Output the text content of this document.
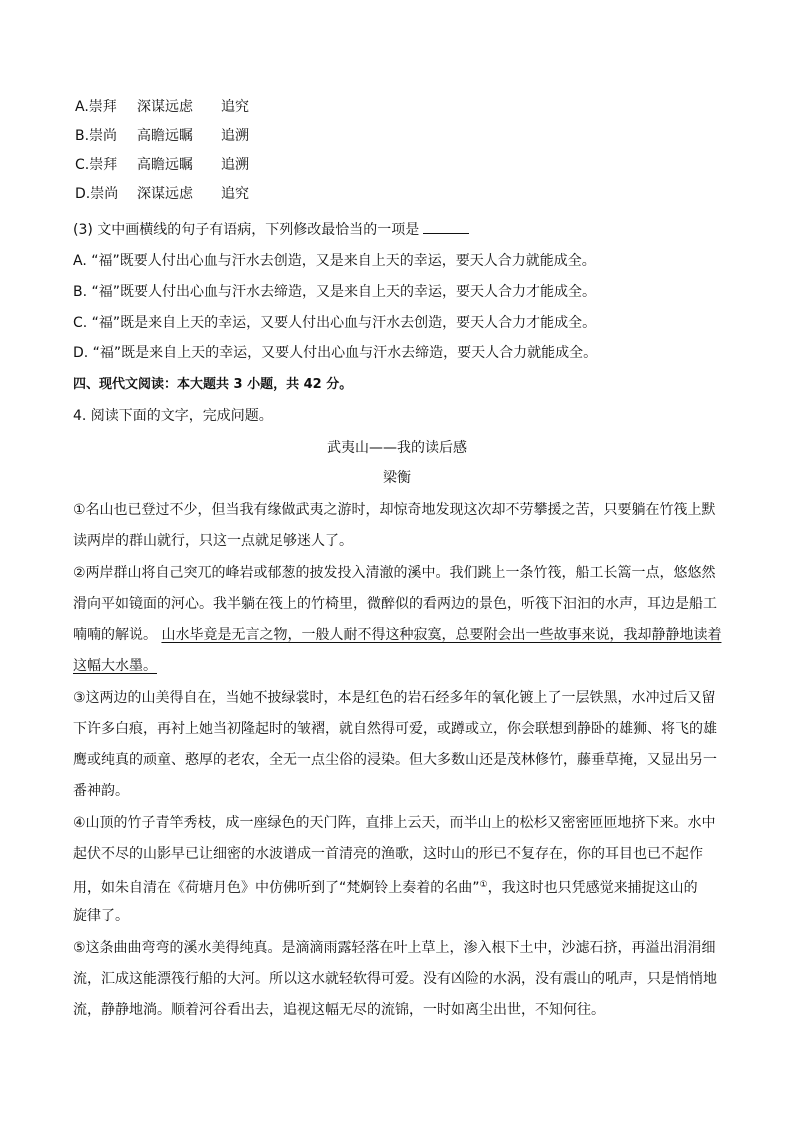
A.崇拜 深谋远虑 追究
B.崇尚 高瞻远瞩 追溯
C.崇拜 高瞻远瞩 追溯
D.崇尚 深谋远虑 追究
(3) 文中画横线的句子有语病，下列修改最恰当的一项是
A. “福”既要人付出心血与汗水去创造，又是来自上天的幸运，要天人合力就能成全。
B. “福”既要人付出心血与汗水去缔造，又是来自上天的幸运，要天人合力才能成全。
C. “福”既是来自上天的幸运，又要人付出心血与汗水去创造，要天人合力才能成全。
D. “福”既是来自上天的幸运，又要人付出心血与汗水去缔造，要天人合力就能成全。
四、现代文阅读：本大题共 3 小题，共 42 分。
4. 阅读下面的文字，完成问题。
武夷山——我的读后感
梁衡
①名山也已登过不少，但当我有缘做武夷之游时，却惊奇地发现这次却不劳攀援之苦，只要躺在竹筏上默
读两岸的群山就行，只这一点就足够迷人了。
②两岸群山将自己突兀的峰岩或郁葱的披发投入清澈的溪中。我们跳上一条竹筏，船工长篙一点，悠悠然
滑向平如镜面的河心。我半躺在筏上的竹椅里，微醉似的看两边的景色，听筏下汩汩的水声，耳边是船工
喃喃的解说。 山水毕竟是无言之物，一般人耐不得这种寂寞，总要附会出一些故事来说，我却静静地读着
这幅大水墨。
③这两边的山美得自在，当她不披绿裳时，本是红色的岩石经多年的氧化镀上了一层铁黑，水冲过后又留
下许多白痕，再衬上她当初隆起时的皱褶，就自然得可爱，或蹲或立，你会联想到静卧的雄狮、将飞的雄
鹰或纯真的顽童、憨厚的老农，全无一点尘俗的浸染。但大多数山还是茂林修竹，藤垂草掩，又显出另一
番神韵。
④山顶的竹子青竿秀枝，成一座绿色的天门阵，直排上云天，而半山上的松杉又密密匝匝地挤下来。水中
起伏不尽的山影早已让细密的水波谱成一首清亮的渔歌，这时山的形已不复存在，你的耳目也已不起作
用，如朱自清在《荷塘月色》中仿佛听到了“梵婀铃上奏着的名曲”①，我这时也只凭感觉来捕捉这山的
旋律了。
⑤这条曲曲弯弯的溪水美得纯真。是滴滴雨露轻落在叶上草上，渗入根下土中，沙滤石挤，再溢出涓涓细
流，汇成这能漂筏行船的大河。所以这水就轻软得可爱。没有凶险的水涡，没有震山的吼声，只是悄悄地
流，静静地淌。顺着河谷看出去，追视这幅无尽的流锦，一时如离尘出世，不知何往。
